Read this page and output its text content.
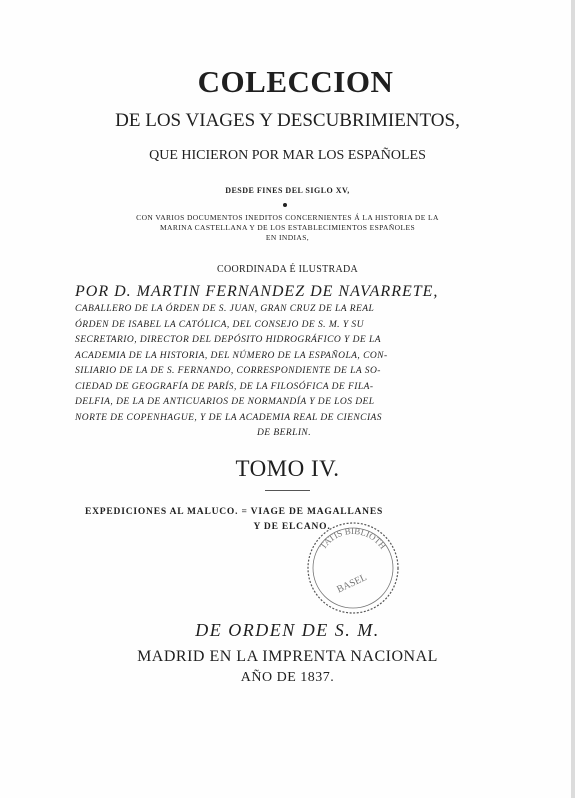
COLECCION
DE LOS VIAGES Y DESCUBRIMIENTOS,
QUE HICIERON POR MAR LOS ESPAÑOLES
DESDE FINES DEL SIGLO XV,
CON VARIOS DOCUMENTOS INEDITOS CONCERNIENTES Á LA HISTORIA DE LA
MARINA CASTELLANA Y DE LOS ESTABLECIMIENTOS ESPAÑOLES
EN INDIAS,
COORDINADA É ILUSTRADA
POR D. MARTIN FERNANDEZ DE NAVARRETE,
CABALLERO DE LA ÓRDEN DE S. JUAN, GRAN CRUZ DE LA REAL
ÓRDEN DE ISABEL LA CATÓLICA, DEL CONSEJO DE S. M. Y SU
SECRETARIO, DIRECTOR DEL DEPÓSITO HIDROGRÁFICO Y DE LA
ACADEMIA DE LA HISTORIA, DEL NÚMERO DE LA ESPAÑOLA, CON-
SILIARIO DE LA DE S. FERNANDO, CORRESPONDIENTE DE LA SO-
CIEDAD DE GEOGRAFÍA DE PARÍS, DE LA FILOSÓFICA DE FILA-
DELFIA, DE LA DE ANTICUARIOS DE NORMANDÍA Y DE LOS DEL
NORTE DE COPENHAGUE, Y DE LA ACADEMIA REAL DE CIENCIAS
DE BERLIN.
TOMO IV.
EXPEDICIONES AL MALUCO. = VIAGE DE MAGALLANES
Y DE ELCANO.
TATIS BIBLIOTH
BASEL
DE ORDEN DE S. M.
MADRID EN LA IMPRENTA NACIONAL
AÑO DE 1837.
